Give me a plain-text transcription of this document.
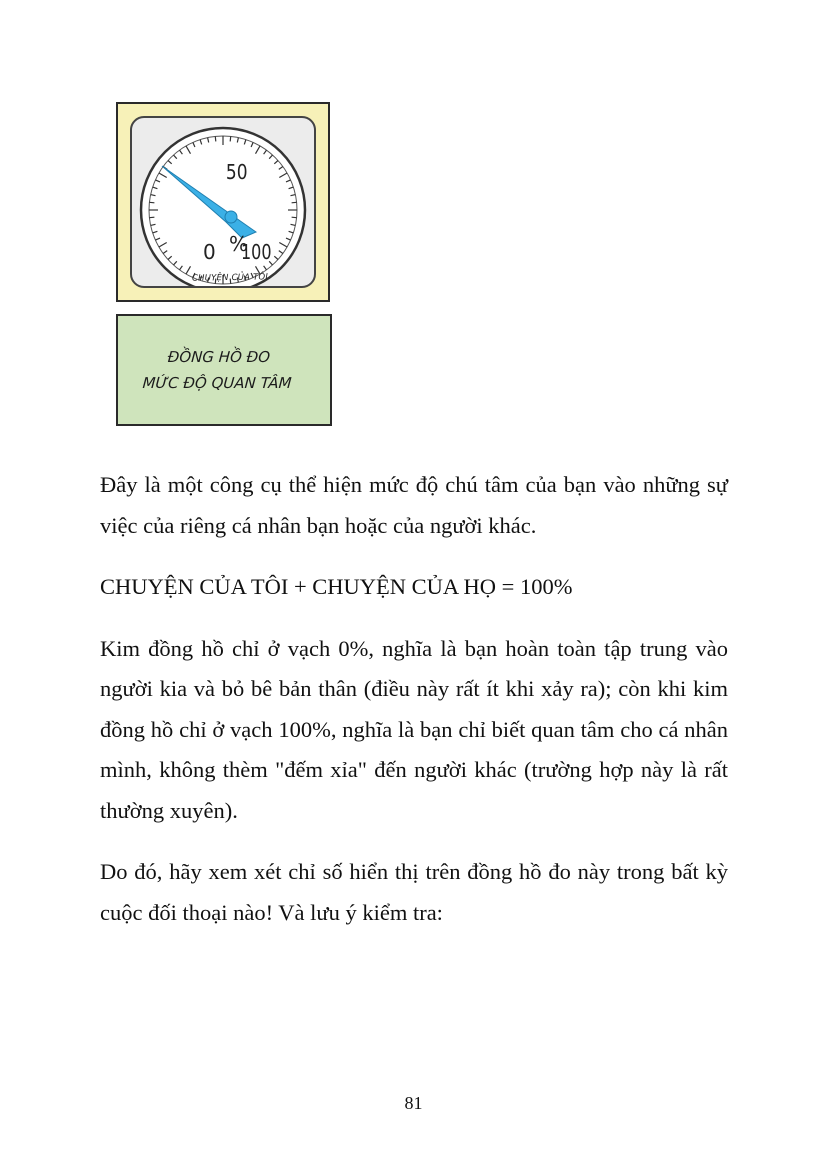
50
0 %
100
CHUYỆN CỦA TÔI
ĐỒNG HỒ ĐO
MỨC ĐỘ QUAN TÂM

Đây là một công cụ thể hiện mức độ chú tâm của bạn vào những sự việc của riêng cá nhân bạn hoặc của người khác.

CHUYỆN CỦA TÔI + CHUYỆN CỦA HỌ = 100%

Kim đồng hồ chỉ ở vạch 0%, nghĩa là bạn hoàn toàn tập trung vào người kia và bỏ bê bản thân (điều này rất ít khi xảy ra); còn khi kim đồng hồ chỉ ở vạch 100%, nghĩa là bạn chỉ biết quan tâm cho cá nhân mình, không thèm "đếm xỉa" đến người khác (trường hợp này là rất thường xuyên).

Do đó, hãy xem xét chỉ số hiển thị trên đồng hồ đo này trong bất kỳ cuộc đối thoại nào! Và lưu ý kiểm tra:

81
